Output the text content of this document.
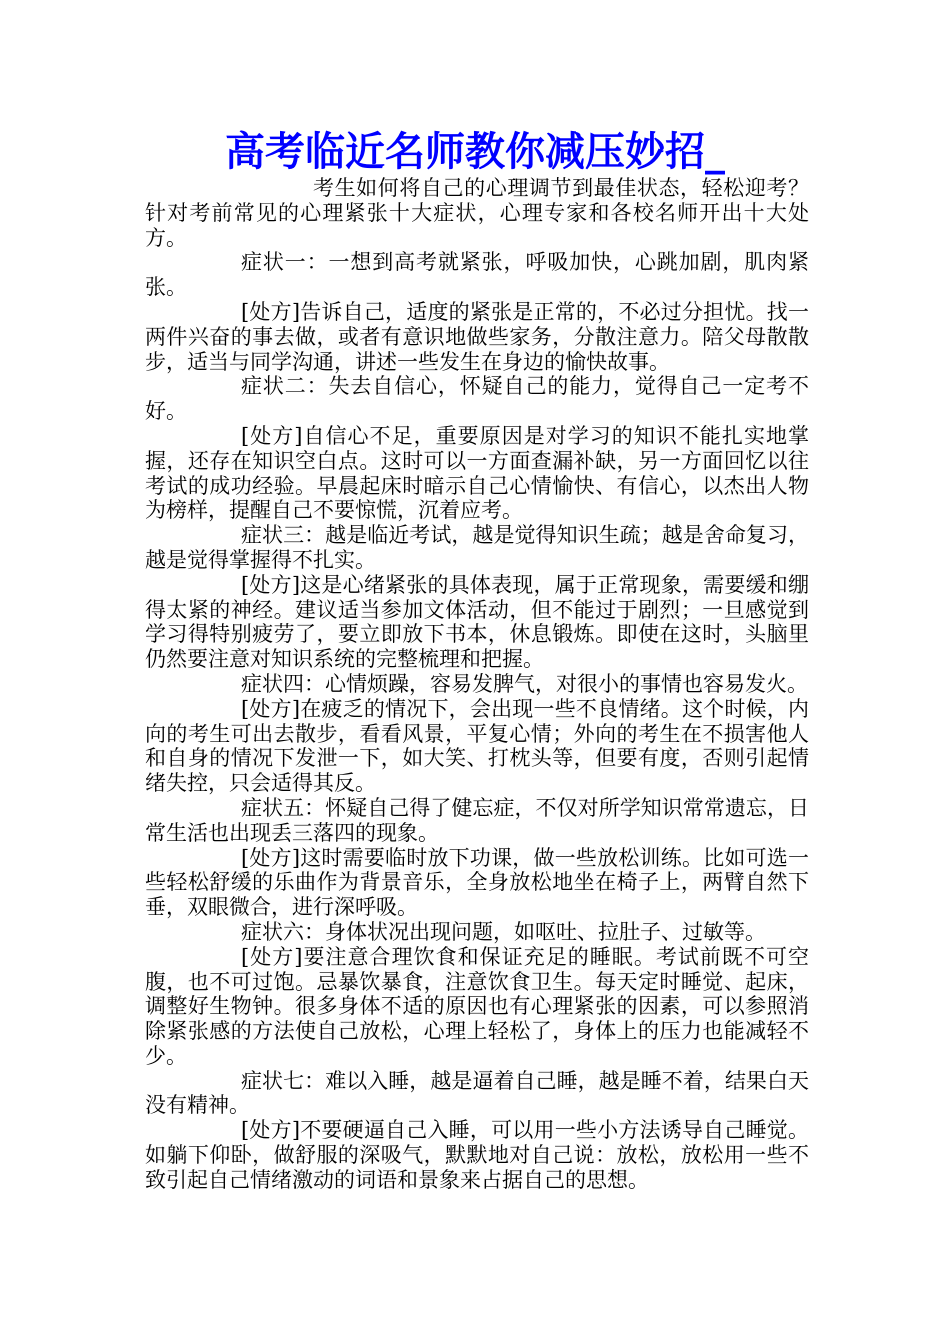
高考临近名师教你减压妙招_

考生如何将自己的心理调节到最佳状态，轻松迎考？针对考前常见的心理紧张十大症状，心理专家和各校名师开出十大处方。

症状一：一想到高考就紧张，呼吸加快，心跳加剧，肌肉紧张。

[处方]告诉自己，适度的紧张是正常的，不必过分担忧。找一两件兴奋的事去做，或者有意识地做些家务，分散注意力。陪父母散散步，适当与同学沟通，讲述一些发生在身边的愉快故事。

症状二：失去自信心，怀疑自己的能力，觉得自己一定考不好。

[处方]自信心不足，重要原因是对学习的知识不能扎实地掌握，还存在知识空白点。这时可以一方面查漏补缺，另一方面回忆以往考试的成功经验。早晨起床时暗示自己心情愉快、有信心，以杰出人物为榜样，提醒自己不要惊慌，沉着应考。

症状三：越是临近考试，越是觉得知识生疏；越是舍命复习，越是觉得掌握得不扎实。

[处方]这是心绪紧张的具体表现，属于正常现象，需要缓和绷得太紧的神经。建议适当参加文体活动，但不能过于剧烈；一旦感觉到学习得特别疲劳了，要立即放下书本，休息锻炼。即使在这时，头脑里仍然要注意对知识系统的完整梳理和把握。

症状四：心情烦躁，容易发脾气，对很小的事情也容易发火。

[处方]在疲乏的情况下，会出现一些不良情绪。这个时候，内向的考生可出去散步，看看风景，平复心情；外向的考生在不损害他人和自身的情况下发泄一下，如大笑、打枕头等，但要有度，否则引起情绪失控，只会适得其反。

症状五：怀疑自己得了健忘症，不仅对所学知识常常遗忘，日常生活也出现丢三落四的现象。

[处方]这时需要临时放下功课，做一些放松训练。比如可选一些轻松舒缓的乐曲作为背景音乐，全身放松地坐在椅子上，两臂自然下垂，双眼微合，进行深呼吸。

症状六：身体状况出现问题，如呕吐、拉肚子、过敏等。

[处方]要注意合理饮食和保证充足的睡眠。考试前既不可空腹，也不可过饱。忌暴饮暴食，注意饮食卫生。每天定时睡觉、起床，调整好生物钟。很多身体不适的原因也有心理紧张的因素，可以参照消除紧张感的方法使自己放松，心理上轻松了，身体上的压力也能减轻不少。

症状七：难以入睡，越是逼着自己睡，越是睡不着，结果白天没有精神。

[处方]不要硬逼自己入睡，可以用一些小方法诱导自己睡觉。如躺下仰卧，做舒服的深吸气，默默地对自己说：放松，放松用一些不致引起自己情绪激动的词语和景象来占据自己的思想。
